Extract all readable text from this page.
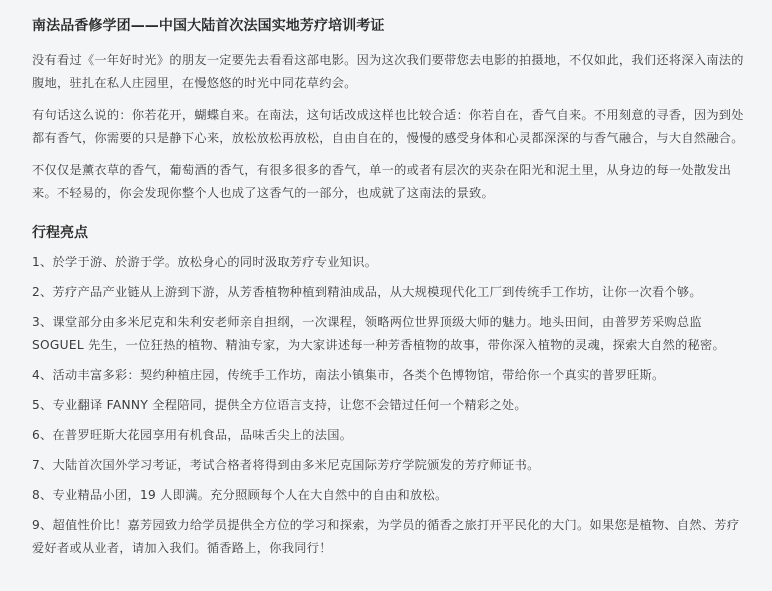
南法品香修学团——中国大陆首次法国实地芳疗培训考证

没有看过《一年好时光》的朋友一定要先去看看这部电影。因为这次我们要带您去电影的拍摄地，不仅如此，我们还将深入南法的腹地，驻扎在私人庄园里，在慢悠悠的时光中同花草约会。

有句话这么说的：你若花开，蝴蝶自来。在南法，这句话改成这样也比较合适：你若自在，香气自来。不用刻意的寻香，因为到处都有香气，你需要的只是静下心来，放松放松再放松，自由自在的，慢慢的感受身体和心灵都深深的与香气融合，与大自然融合。

不仅仅是薰衣草的香气，葡萄酒的香气，有很多很多的香气，单一的或者有层次的夹杂在阳光和泥土里，从身边的每一处散发出来。不轻易的，你会发现你整个人也成了这香气的一部分，也成就了这南法的景致。

行程亮点
1、於学于游、於游于学。放松身心的同时汲取芳疗专业知识。
2、芳疗产品产业链从上游到下游，从芳香植物种植到精油成品，从大规模现代化工厂到传统手工作坊，让你一次看个够。
3、课堂部分由多米尼克和朱利安老师亲自担纲，一次课程，领略两位世界顶级大师的魅力。地头田间，由普罗芳采购总监SOGUEL 先生，一位狂热的植物、精油专家，为大家讲述每一种芳香植物的故事，带你深入植物的灵魂，探索大自然的秘密。
4、活动丰富多彩：契约种植庄园，传统手工作坊，南法小镇集市，各类个色博物馆，带给你一个真实的普罗旺斯。
5、专业翻译 FANNY 全程陪同，提供全方位语言支持，让您不会错过任何一个精彩之处。
6、在普罗旺斯大花园享用有机食品，品味舌尖上的法国。
7、大陆首次国外学习考证，考试合格者将得到由多米尼克国际芳疗学院颁发的芳疗师证书。
8、专业精品小团，19 人即满。充分照顾每个人在大自然中的自由和放松。
9、超值性价比！嘉芳园致力给学员提供全方位的学习和探索，为学员的循香之旅打开平民化的大门。如果您是植物、自然、芳疗爱好者或从业者，请加入我们。循香路上，你我同行！
